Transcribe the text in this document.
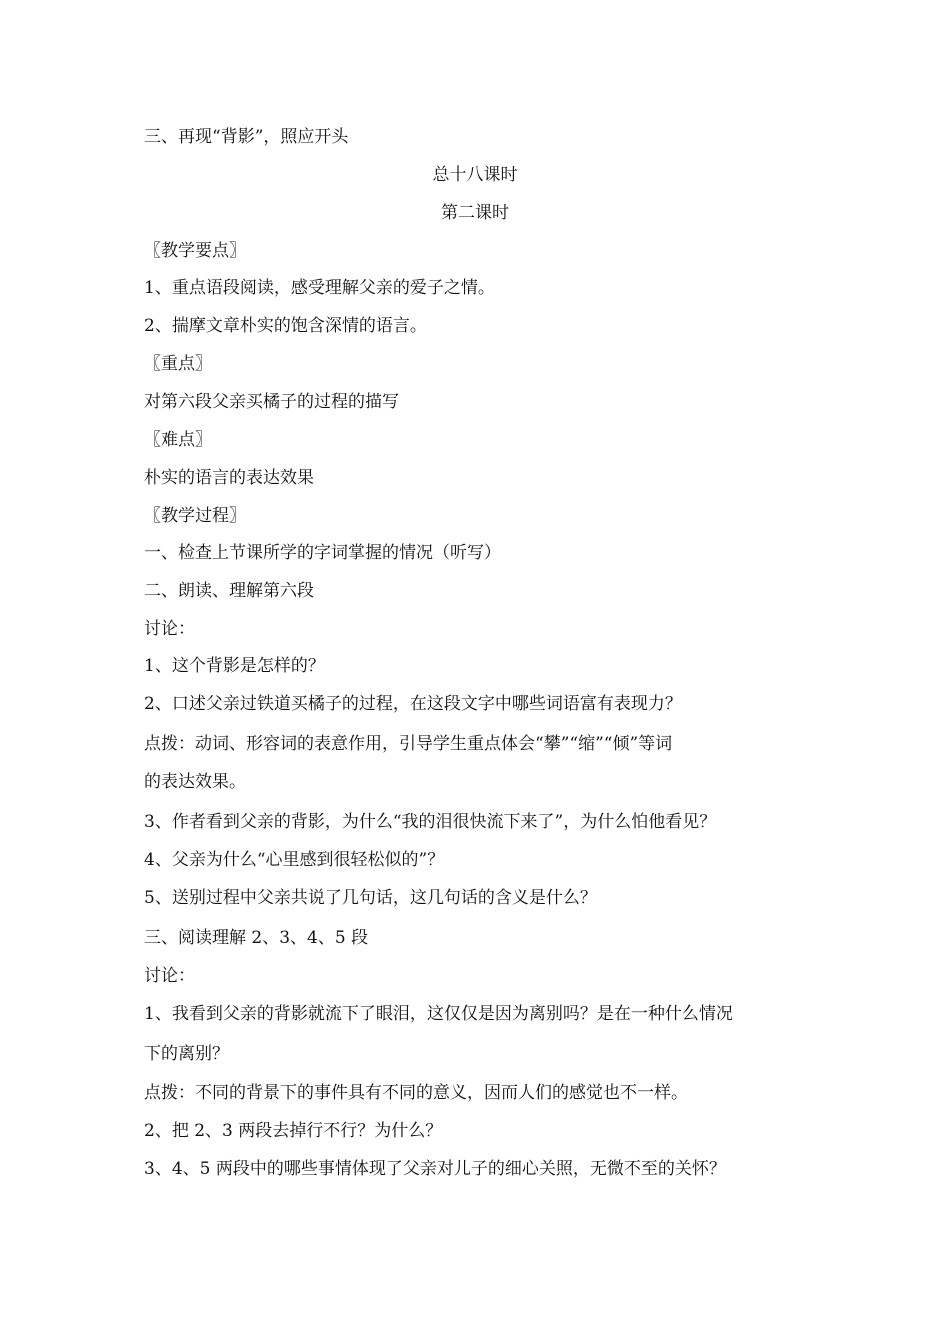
三、再现“背影”，照应开头
总十八课时
第二课时
〖教学要点〗
1、重点语段阅读，感受理解父亲的爱子之情。
2、揣摩文章朴实的饱含深情的语言。
〖重点〗
对第六段父亲买橘子的过程的描写
〖难点〗
朴实的语言的表达效果
〖教学过程〗
一、检查上节课所学的字词掌握的情况（听写）
二、朗读、理解第六段
讨论：
1、这个背影是怎样的？
2、口述父亲过铁道买橘子的过程，在这段文字中哪些词语富有表现力？
点拨：动词、形容词的表意作用，引导学生重点体会“攀”“缩”“倾”等词
的表达效果。
3、作者看到父亲的背影，为什么“我的泪很快流下来了”，为什么怕他看见？
4、父亲为什么“心里感到很轻松似的”？
5、送别过程中父亲共说了几句话，这几句话的含义是什么？
三、阅读理解 2、3、4、5 段
讨论：
1、我看到父亲的背影就流下了眼泪，这仅仅是因为离别吗？是在一种什么情况
下的离别？
点拨：不同的背景下的事件具有不同的意义，因而人们的感觉也不一样。
2、把 2、3 两段去掉行不行？为什么？
3、4、5 两段中的哪些事情体现了父亲对儿子的细心关照，无微不至的关怀？
